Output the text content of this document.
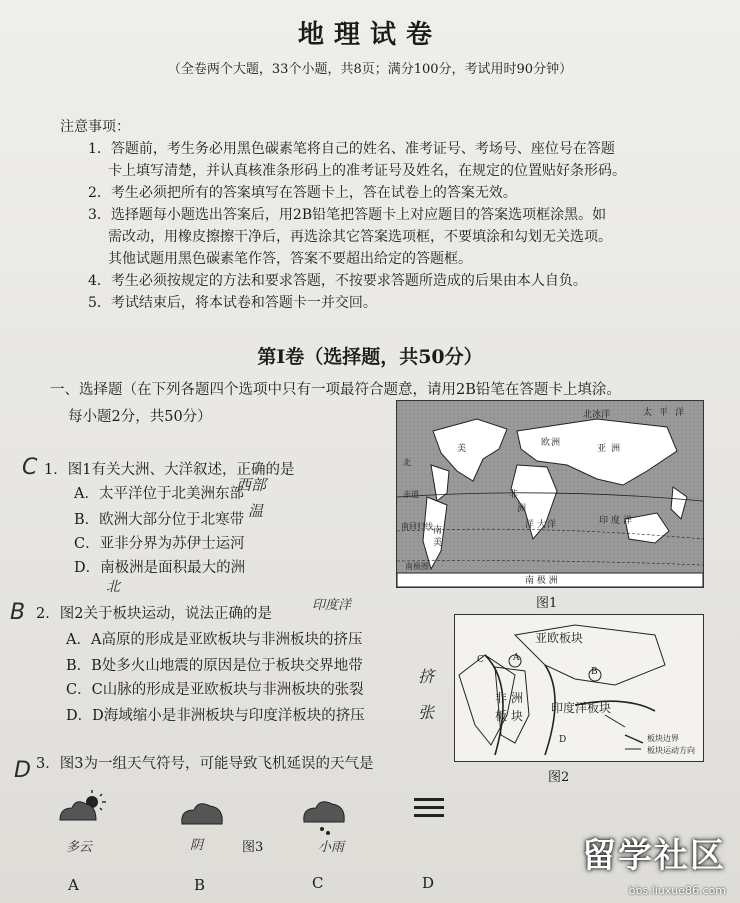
地理试卷
（全卷两个大题，33个小题，共8页；满分100分，考试用时90分钟）
注意事项：
1．答题前，考生务必用黑色碳素笔将自己的姓名、准考证号、考场号、座位号在答题
卡上填写清楚，并认真核准条形码上的准考证号及姓名，在规定的位置贴好条形码。
2．考生必须把所有的答案填写在答题卡上，答在试卷上的答案无效。
3．选择题每小题选出答案后，用2B铅笔把答题卡上对应题目的答案选项框涂黑。如
需改动，用橡皮擦擦干净后，再选涂其它答案选项框，不要填涂和勾划无关选项。
其他试题用黑色碳素笔作答，答案不要超出给定的答题框。
4．考生必须按规定的方法和要求答题，不按要求答题所造成的后果由本人自负。
5．考试结束后，将本试卷和答题卡一并交回。
第Ⅰ卷（选择题，共50分）
一、选择题（在下列各题四个选项中只有一项最符合题意，请用2B铅笔在答题卡上填涂。
每小题2分，共50分）
C 1．图1有关大洲、大洋叙述，正确的是
A．太平洋位于北美洲东部
B．欧洲大部分位于北寒带
C．亚非分界为苏伊士运河
D．南极洲是面积最大的洲
西部
温
北
B 2．图2关于板块运动，说法正确的是
印度洋
A．A高原的形成是亚欧板块与非洲板块的挤压
B．B处多火山地震的原因是位于板块交界地带
C．C山脉的形成是亚欧板块与非洲板块的张裂
D．D海域缩小是非洲板块与印度洋板块的挤压
挤
张
D 3．图3为一组天气符号，可能导致飞机延误的天气是
北冰洋
非
洲
亚 洲
欧 洲
洋 大 洋	印 度 洋
太 平 洋
北
赤道
南回归线 南
美
美
南极圈
南 极 洲
图1
亚欧板块
非 洲
板 块
印度洋板块
A
B
C
D	板块边界
板块运动方向
图2
多云	阴	图3	小雨
A	B	C	D
留学社区
bbs.liuxue86.com
